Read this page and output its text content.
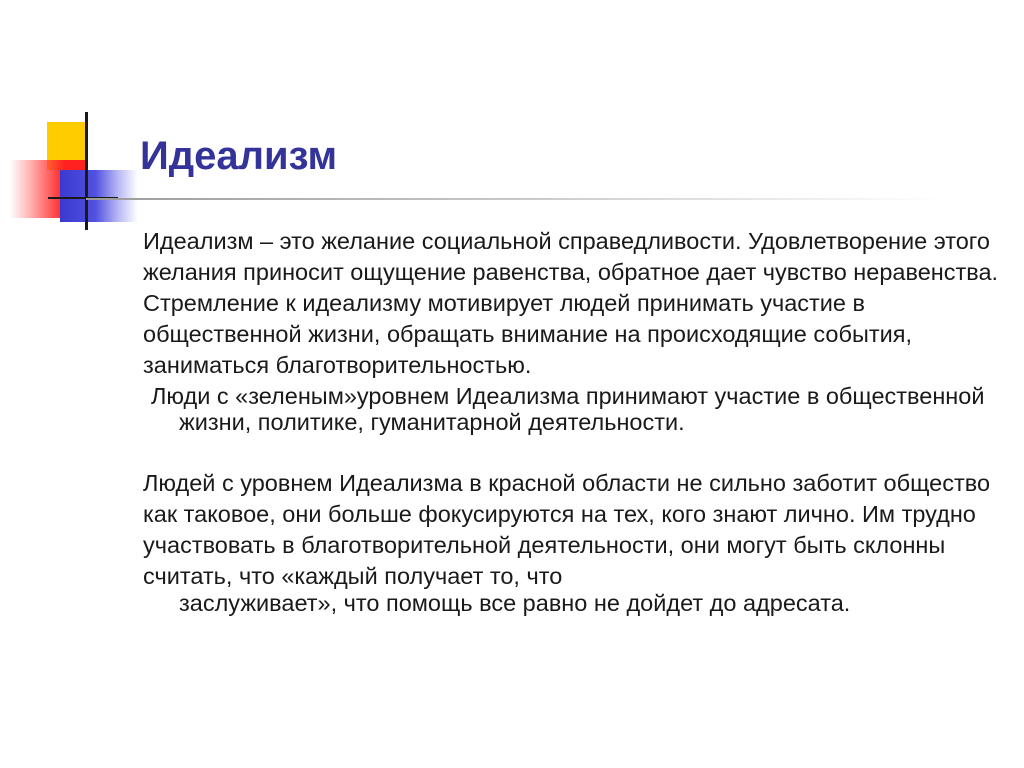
Идеализм

Идеализм – это желание социальной справедливости. Удовлетворение этого желания приносит ощущение равенства, обратное дает чувство неравенства. Стремление к идеализму мотивирует людей принимать участие в общественной жизни, обращать внимание на происходящие события, заниматься благотворительностью.

Люди с «зеленым»уровнем Идеализма принимают участие в общественной жизни, политике, гуманитарной деятельности.

Людей с уровнем Идеализма в красной области не сильно заботит общество как таковое, они больше фокусируются на тех, кого знают лично. Им трудно участвовать в благотворительной деятельности, они могут быть склонны считать, что «каждый получает то, что

заслуживает», что помощь все равно не дойдет до адресата.
